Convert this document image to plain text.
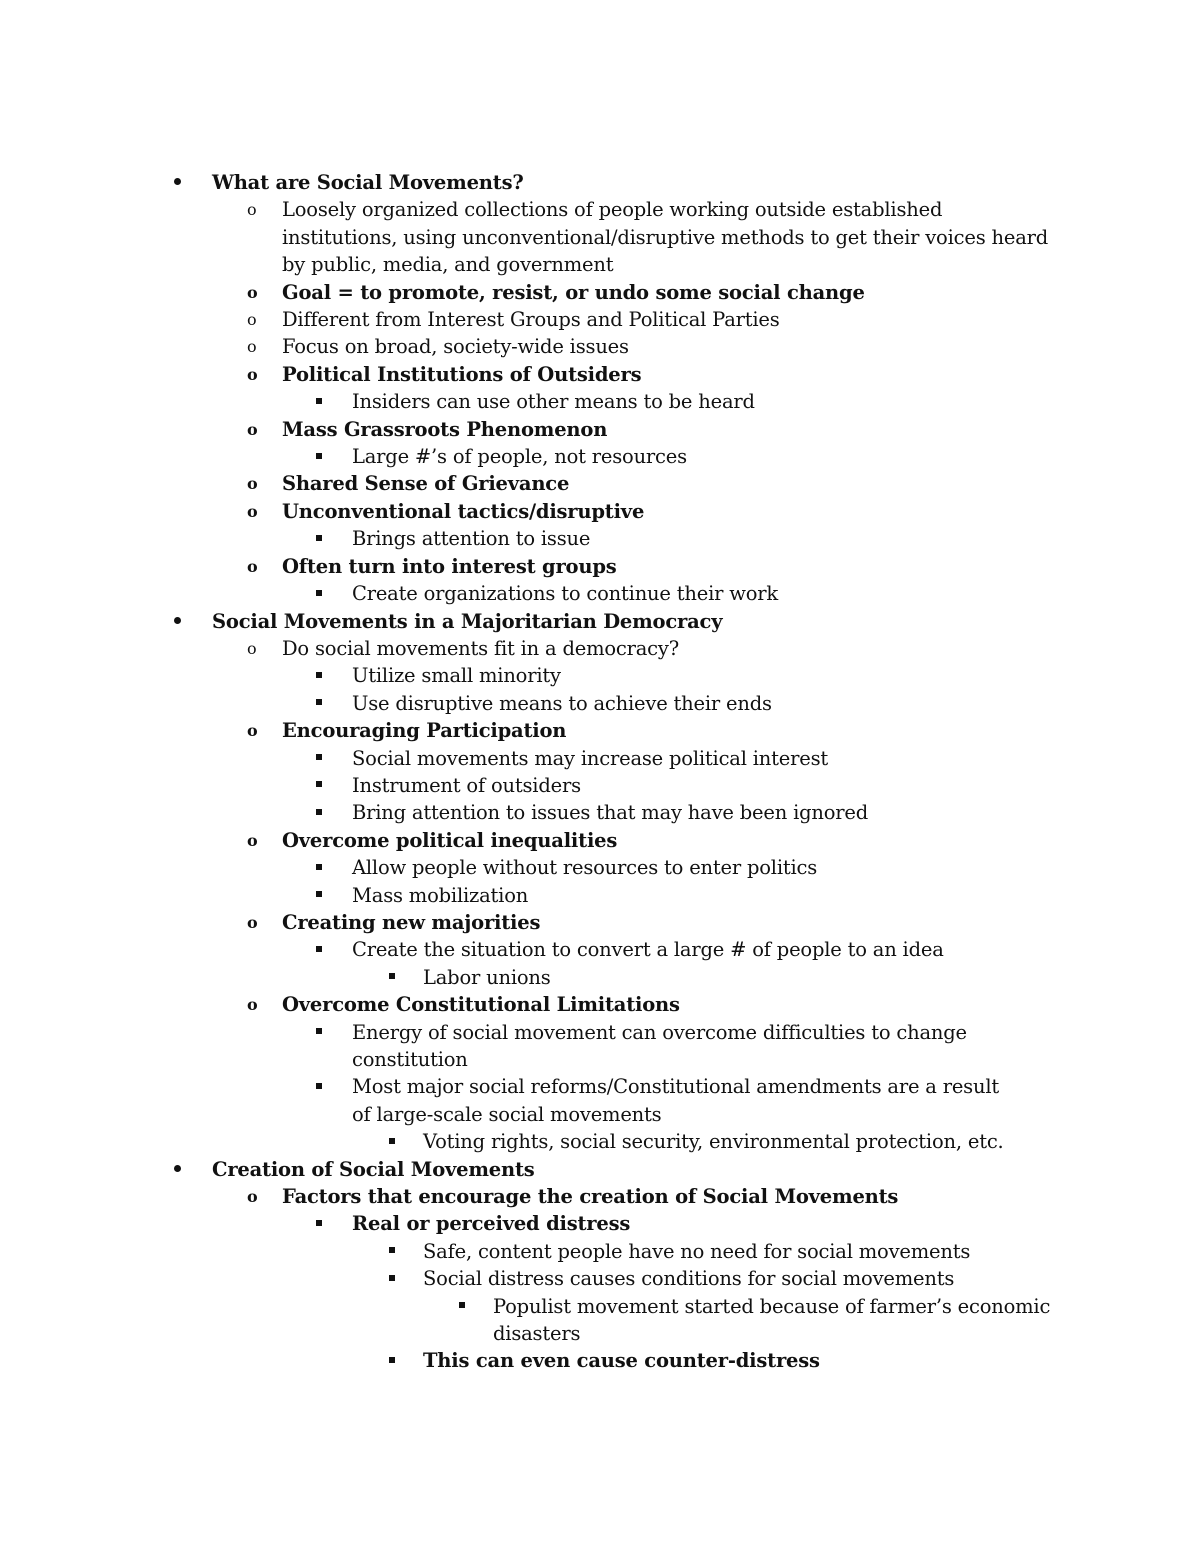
What are Social Movements?
o	Loosely organized collections of people working outside established institutions, using unconventional/disruptive methods to get their voices heard by public, media, and government
o	Goal = to promote, resist, or undo some social change
o	Different from Interest Groups and Political Parties
o	Focus on broad, society-wide issues
o	Political Institutions of Outsiders
Insiders can use other means to be heard
o	Mass Grassroots Phenomenon
Large #’s of people, not resources
o	Shared Sense of Grievance
o	Unconventional tactics/disruptive
Brings attention to issue
o	Often turn into interest groups
Create organizations to continue their work
Social Movements in a Majoritarian Democracy
o	Do social movements fit in a democracy?
Utilize small minority
Use disruptive means to achieve their ends
o	Encouraging Participation
Social movements may increase political interest
Instrument of outsiders
Bring attention to issues that may have been ignored
o	Overcome political inequalities
Allow people without resources to enter politics
Mass mobilization
o	Creating new majorities
Create the situation to convert a large # of people to an idea
Labor unions
o	Overcome Constitutional Limitations
Energy of social movement can overcome difficulties to change constitution
Most major social reforms/Constitutional amendments are a result of large-scale social movements
Voting rights, social security, environmental protection, etc.
Creation of Social Movements
o	Factors that encourage the creation of Social Movements
Real or perceived distress
Safe, content people have no need for social movements
Social distress causes conditions for social movements
Populist movement started because of farmer’s economic disasters
This can even cause counter-distress
